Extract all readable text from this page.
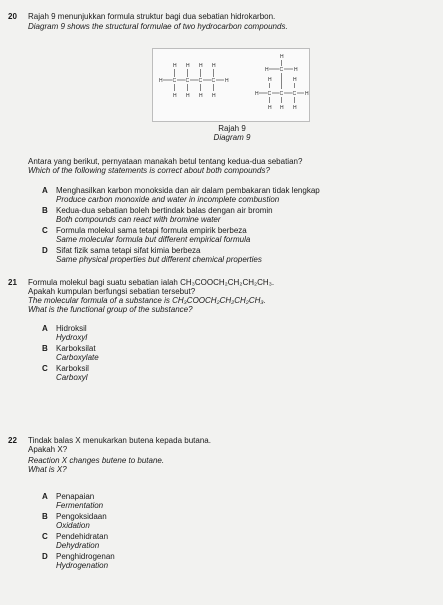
20 Rajah 9 menunjukkan formula struktur bagi dua sebatian hidrokarbon.
Diagram 9 shows the structural formulae of two hydrocarbon compounds.
H H H H
H C C C C H
H H H H
H
H C H
H	H
H C C C H
H H H
Rajah 9
Diagram 9
Antara yang berikut, pernyataan manakah betul tentang kedua-dua sebatian?
Which of the following statements is correct about both compounds?
A Menghasilkan karbon monoksida dan air dalam pembakaran tidak lengkap
Produce carbon monoxide and water in incomplete combustion
B Kedua-dua sebatian boleh bertindak balas dengan air bromin
Both compounds can react with bromine water
C Formula molekul sama tetapi formula empirik berbeza
Same molecular formula but different empirical formula
D Sifat fizik sama tetapi sifat kimia berbeza
Same physical properties but different chemical properties
21 Formula molekul bagi suatu sebatian ialah CH₃COOCH₂CH₂CH₂CH₃.
Apakah kumpulan berfungsi sebatian tersebut?
The molecular formula of a substance is CH₃COOCH₂CH₂CH₂CH₃.
What is the functional group of the substance?
A Hidroksil
Hydroxyl
B Karboksilat
Carboxylate
C Karboksil
Carboxyl
22 Tindak balas X menukarkan butena kepada butana.
Apakah X?
Reaction X changes butene to butane.
What is X?
A Penapaian
Fermentation
B Pengoksidaan
Oxidation
C Pendehidratan
Dehydration
D Penghidrogenan
Hydrogenation
